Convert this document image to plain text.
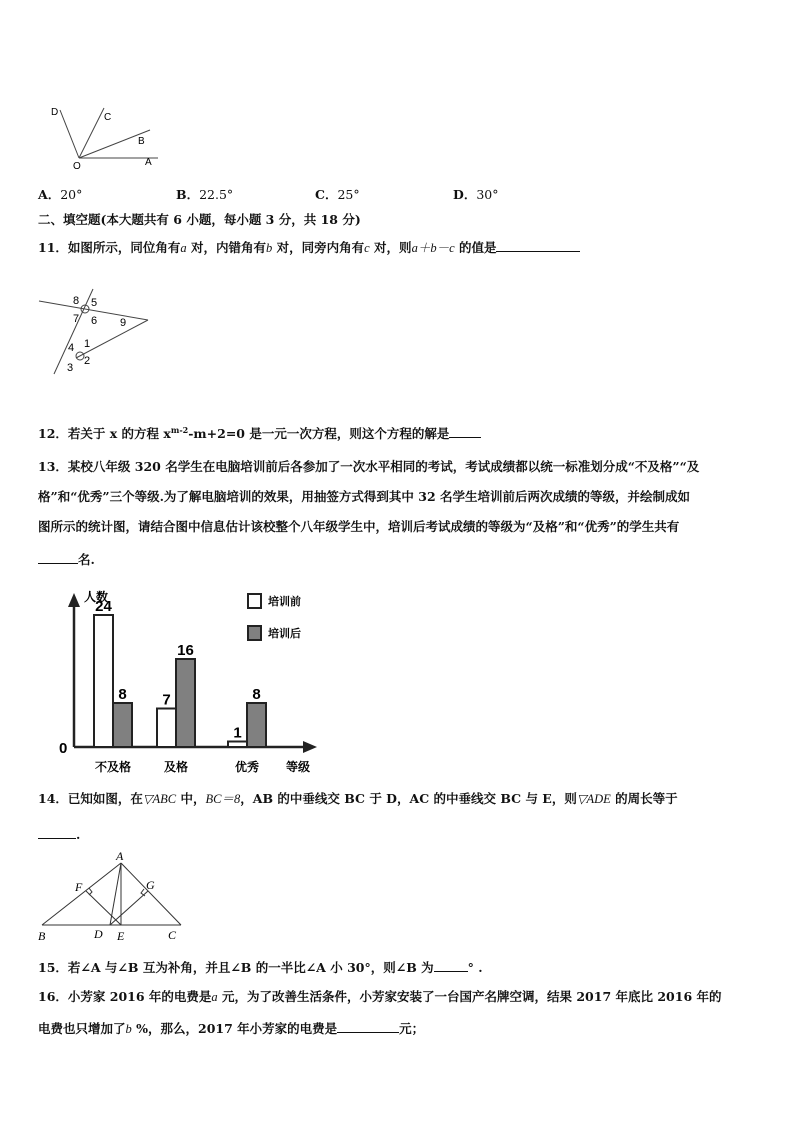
D	C
B
O	A
A．20°	B．22.5°	C．25°	D．30°
二、填空题(本大题共有 6 小题，每小题 3 分，共 18 分)
11．如图所示，同位角有a 对，内错角有b 对，同旁内角有c 对，则a＋b－c 的值是
8 5
7 6 9
1
4
2
3
12．若关于 x 的方程 $x^{m-2}-m+2=0$ 是一元一次方程，则这个方程的解是
13．某校八年级 320 名学生在电脑培训前后各参加了一次水平相同的考试，考试成绩都以统一标准划分成“不及格”“及
格”和“优秀”三个等级.为了解电脑培训的效果，用抽签方式得到其中 32 名学生培训前后两次成绩的等级，并绘制成如
图所示的统计图，请结合图中信息估计该校整个八年级学生中，培训后考试成绩的等级为“及格”和“优秀”的学生共有
名.
人数
0
等级
培训前
培训后
24
8
不及格
7
16
及格
1
8
优秀
14．已知如图，在▽ABC 中，BC＝8，AB 的中垂线交 BC 于 D，AC 的中垂线交 BC 与 E，则▽ADE 的周长等于
.
A
F	G
B	D E	C
15．若∠A 与∠B 互为补角，并且∠B 的一半比∠A 小 30°，则∠B 为	° .
16．小芳家 2016 年的电费是a 元，为了改善生活条件，小芳家安装了一台国产名牌空调，结果 2017 年底比 2016 年的
电费也只增加了b %，那么，2017 年小芳家的电费是	元；
